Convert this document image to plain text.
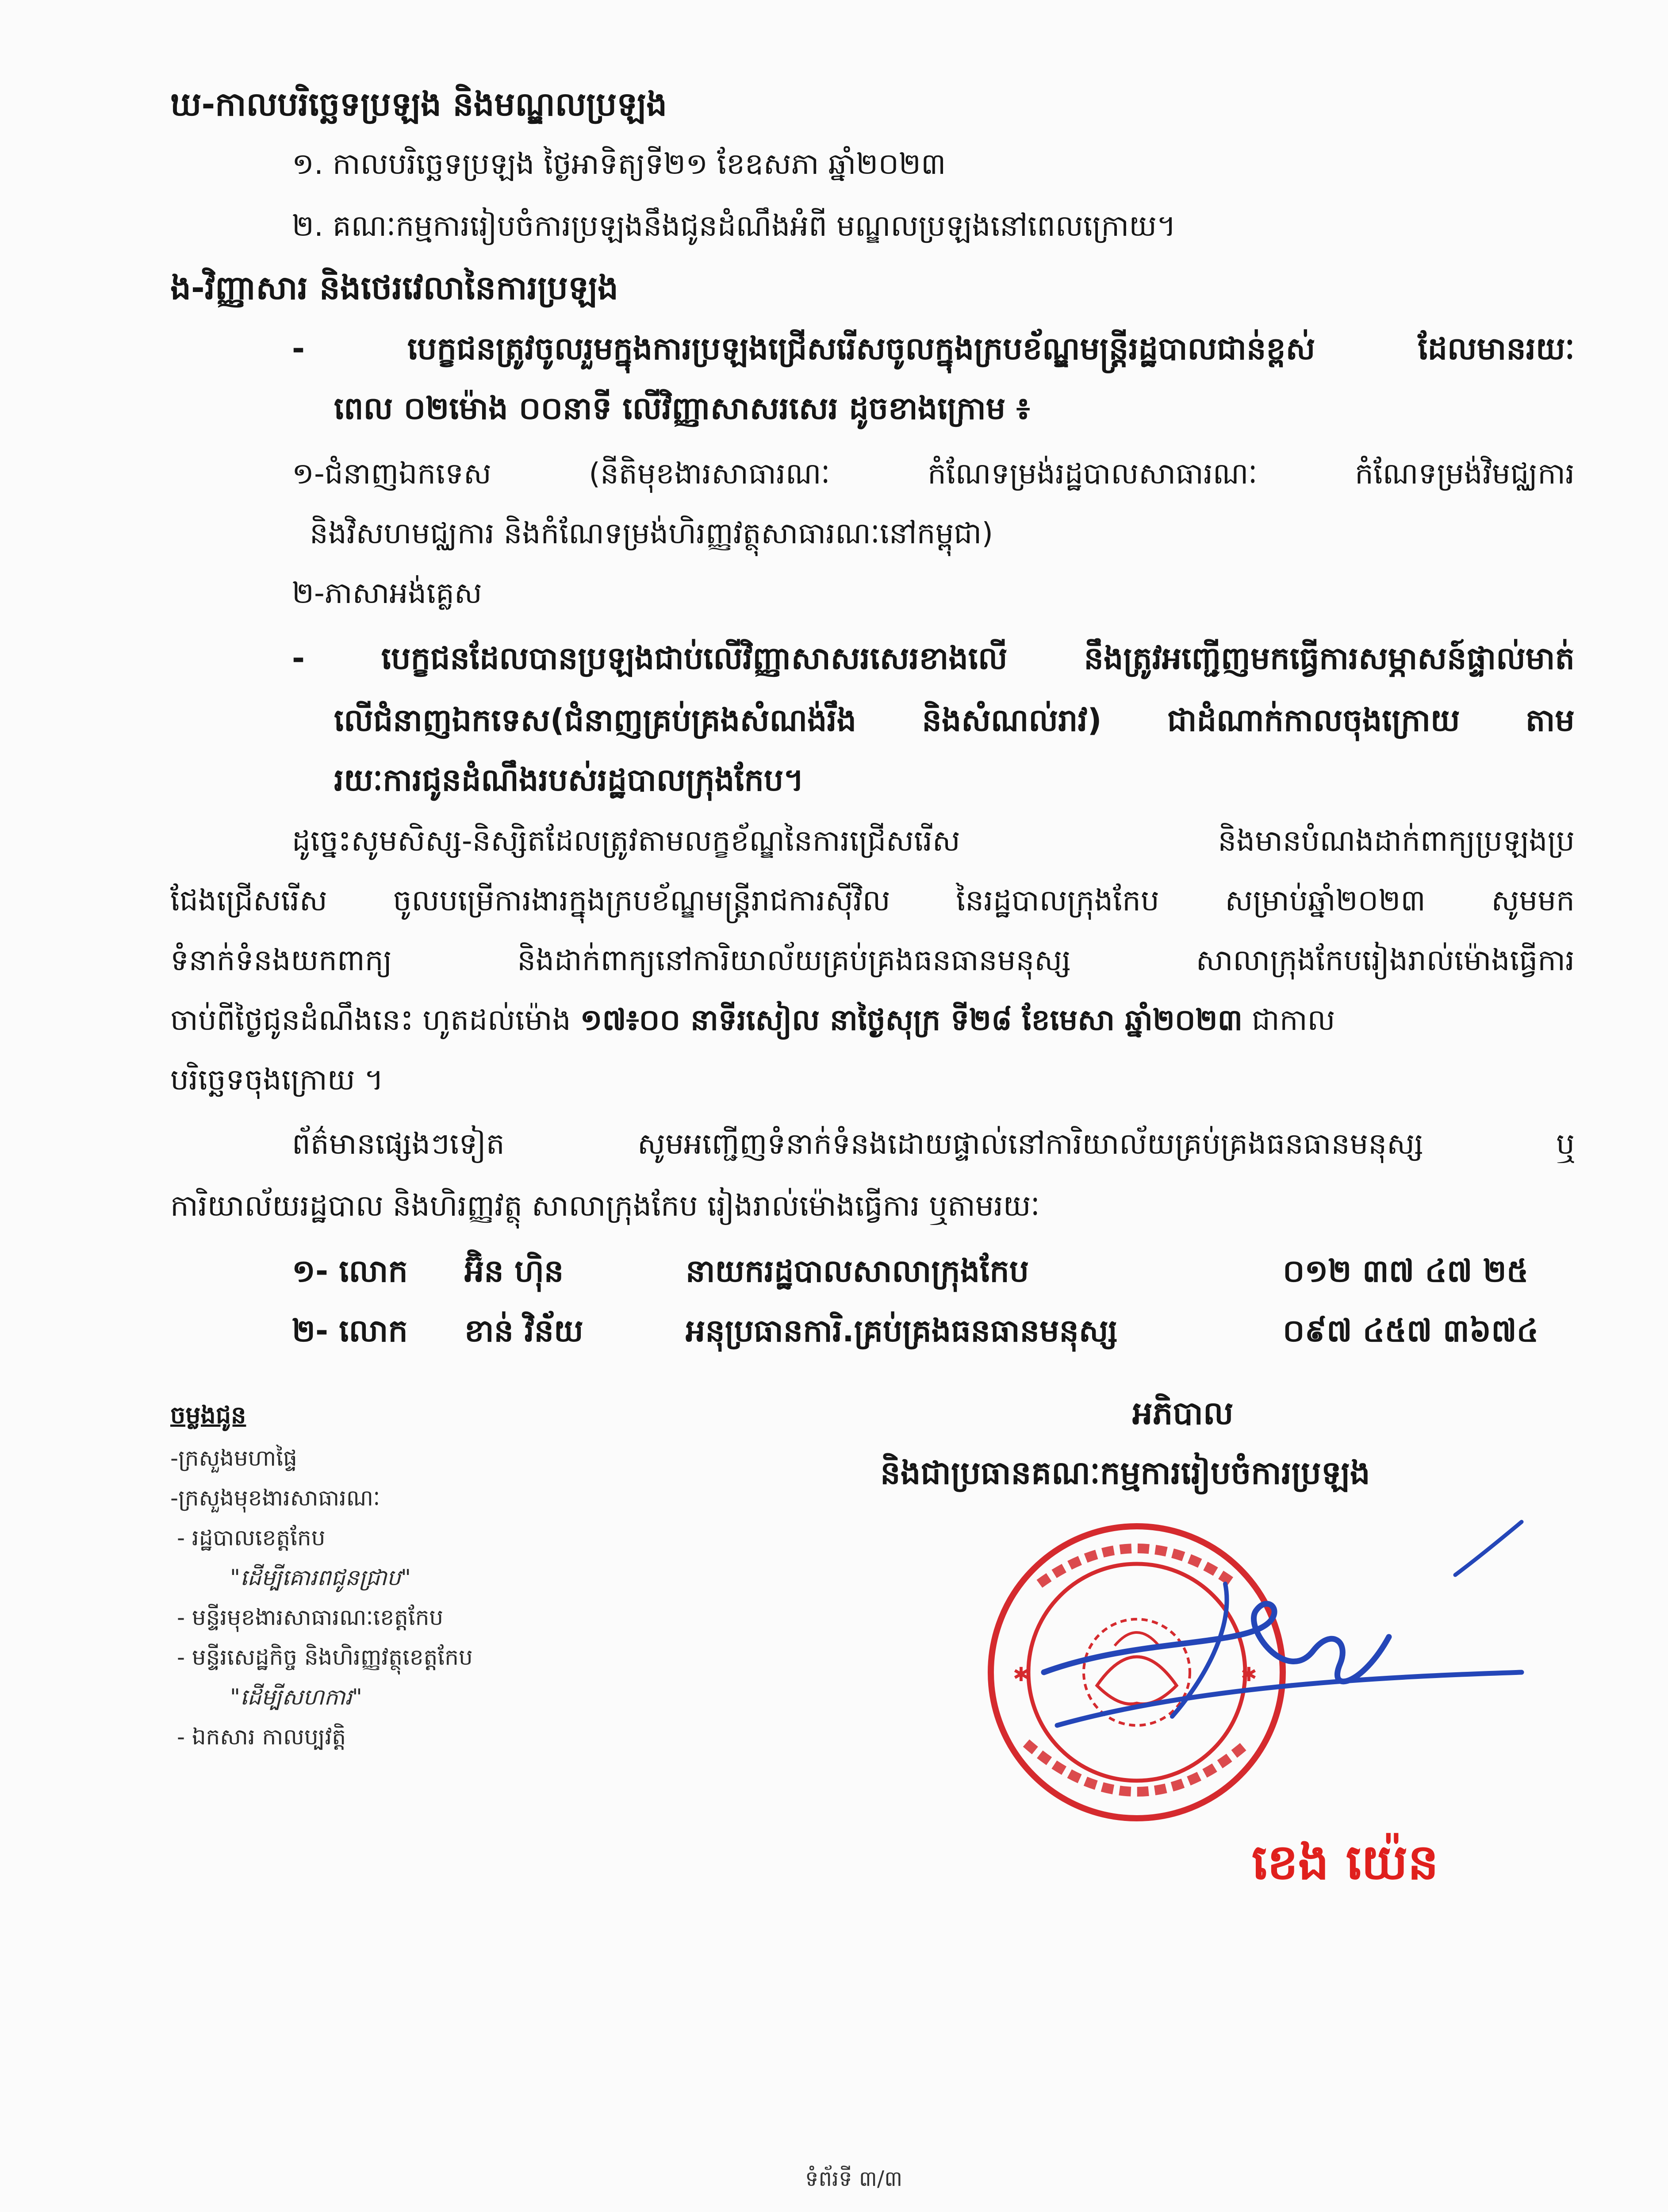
ឃ-កាលបរិច្ឆេទប្រឡង និងមណ្ឌលប្រឡង
១. កាលបរិច្ឆេទប្រឡង ថ្ងៃអាទិត្យទី២១ ខែឧសភា ឆ្នាំ២០២៣
២. គណៈកម្មការរៀបចំការប្រឡងនឹងជូនដំណឹងអំពី មណ្ឌលប្រឡងនៅពេលក្រោយ។
ង-វិញ្ញាសារ និងថេរវេលានៃការប្រឡង
- បេក្ខជនត្រូវចូលរួមក្នុងការប្រឡងជ្រើសរើសចូលក្នុងក្របខ័ណ្ឌមន្ត្រីរដ្ឋបាលជាន់ខ្ពស់ ដែលមានរយៈ
ពេល ០២ម៉ោង ០០នាទី លើវិញ្ញាសាសរសេរ ដូចខាងក្រោម ៖
១-ជំនាញឯកទេស (នីតិមុខងារសាធារណៈ កំណែទម្រង់រដ្ឋបាលសាធារណៈ កំណែទម្រង់វិមជ្ឈការ
និងវិសហមជ្ឈការ និងកំណែទម្រង់ហិរញ្ញវត្ថុសាធារណៈនៅកម្ពុជា)
២-ភាសាអង់គ្លេស
- បេក្ខជនដែលបានប្រឡងជាប់លើវិញ្ញាសាសរសេរខាងលើ នឹងត្រូវអញ្ជើញមកធ្វើការសម្ភាសន៍ផ្ទាល់មាត់
លើជំនាញឯកទេស(ជំនាញគ្រប់គ្រងសំណង់រឹង និងសំណល់រាវ) ជាដំណាក់កាលចុងក្រោយ តាម
រយៈការជូនដំណឹងរបស់រដ្ឋបាលក្រុងកែប។
ដូច្នេះសូមសិស្ស-និស្សិតដែលត្រូវតាមលក្ខខ័ណ្ឌនៃការជ្រើសរើស និងមានបំណងដាក់ពាក្យប្រឡងប្រ
ជែងជ្រើសរើស ចូលបម្រើការងារក្នុងក្របខ័ណ្ឌមន្ត្រីរាជការស៊ីវិល នៃរដ្ឋបាលក្រុងកែប សម្រាប់ឆ្នាំ២០២៣ សូមមក
ទំនាក់ទំនងយកពាក្យ និងដាក់ពាក្យនៅការិយាល័យគ្រប់គ្រងធនធានមនុស្ស សាលាក្រុងកែបរៀងរាល់ម៉ោងធ្វើការ
ចាប់ពីថ្ងៃជូនដំណឹងនេះ ហូតដល់ម៉ោង ១៧៖០០ នាទីរសៀល នាថ្ងៃសុក្រ ទី២៨ ខែមេសា ឆ្នាំ២០២៣ ជាកាល
បរិច្ឆេទចុងក្រោយ ។
ព័ត៌មានផ្សេងៗទៀត សូមអញ្ជើញទំនាក់ទំនងដោយផ្ទាល់នៅការិយាល័យគ្រប់គ្រងធនធានមនុស្ស ឬ
ការិយាល័យរដ្ឋបាល និងហិរញ្ញវត្ថុ សាលាក្រុងកែប រៀងរាល់ម៉ោងធ្វើការ ឬតាមរយៈ
១- លោក អ៊ិន ហ៊ិន	នាយករដ្ឋបាលសាលាក្រុងកែប	០១២ ៣៧ ៤៧ ២៥
២- លោក ខាន់ វិន័យ	អនុប្រធានការិ.គ្រប់គ្រងធនធានមនុស្ស	០៩៧ ៤៥៧ ៣៦៧៤
ចម្លងជូន
-ក្រសួងមហាផ្ទៃ
-ក្រសួងមុខងារសាធារណៈ
- រដ្ឋបាលខេត្តកែប
"ដើម្បីគោរពជូនជ្រាប"
- មន្ទីរមុខងារសាធារណៈខេត្តកែប
- មន្ទីរសេដ្ឋកិច្ច និងហិរញ្ញវត្ថុខេត្តកែប
"ដើម្បីសហការ"
- ឯកសារ កាលប្បវត្តិ
អភិបាល
និងជាប្រធានគណៈកម្មការរៀបចំការប្រឡង
✱	✱
ខេង យ៉េន
ទំព័រទី ៣/៣
